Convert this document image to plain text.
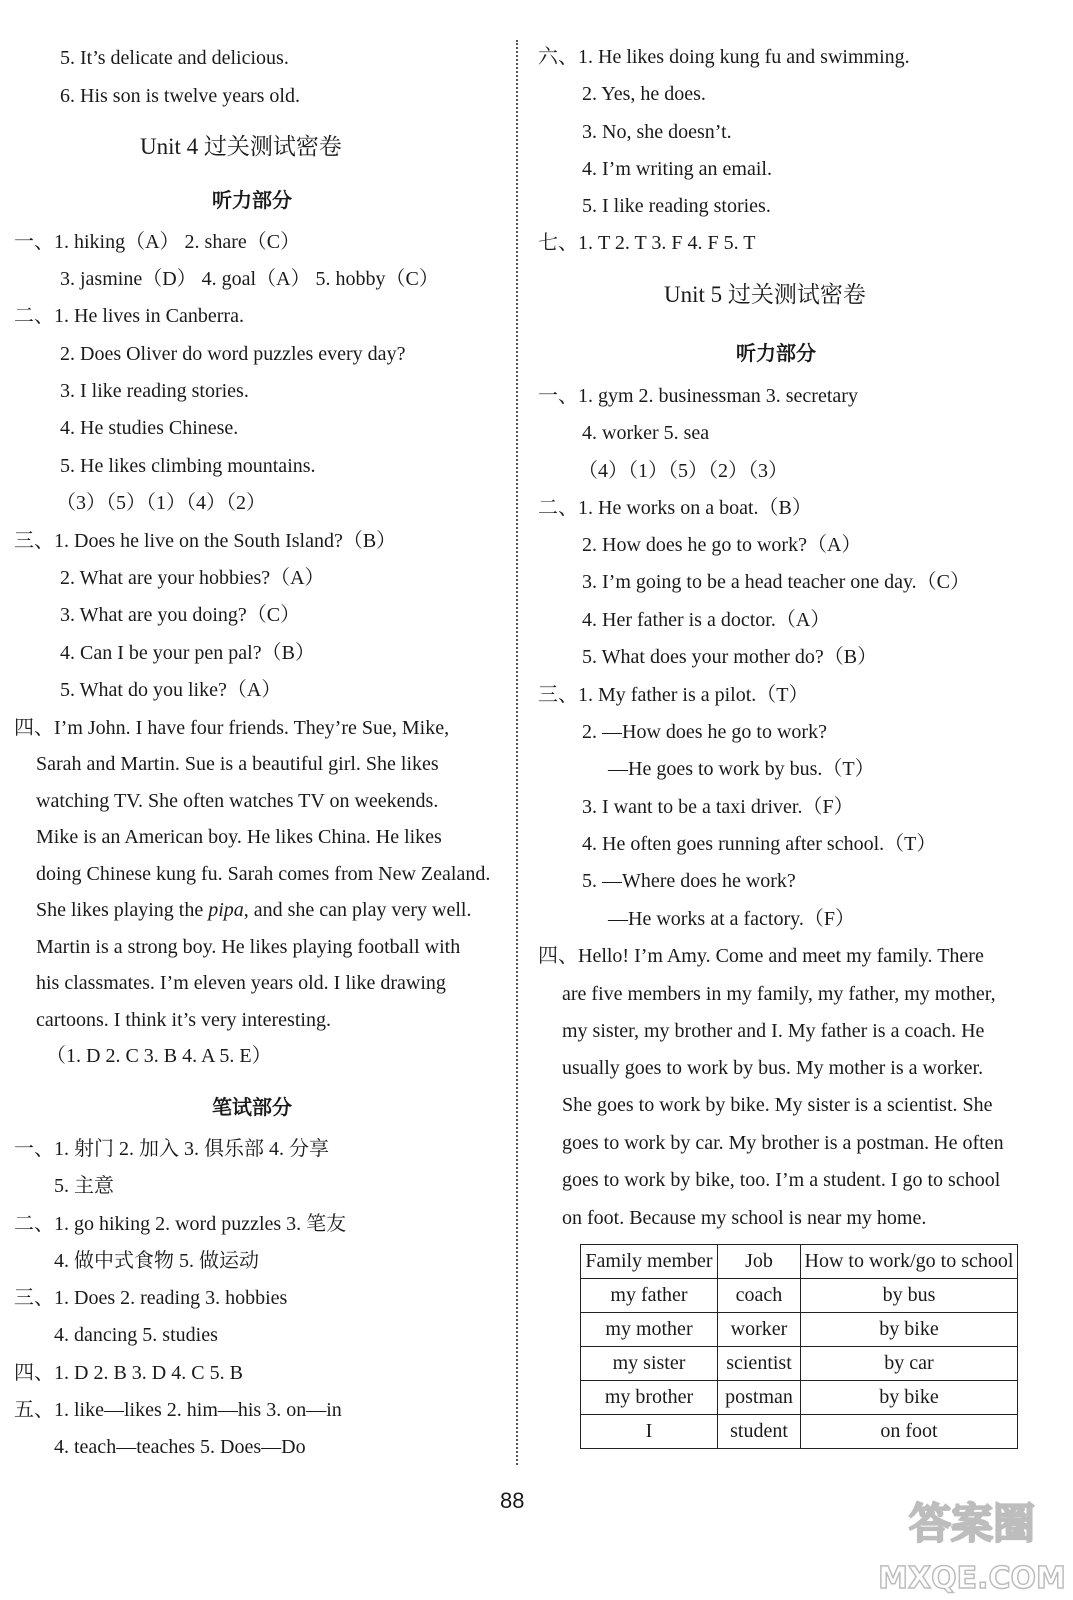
5. It’s delicate and delicious.
6. His son is twelve years old.
Unit 4 过关测试密卷
听力部分
一、1. hiking（A） 2. share（C）
3. jasmine（D） 4. goal（A） 5. hobby（C）
二、1. He lives in Canberra.
2. Does Oliver do word puzzles every day?
3. I like reading stories.
4. He studies Chinese.
5. He likes climbing mountains.
（3）（5）（1）（4）（2）
三、1. Does he live on the South Island?（B）
2. What are your hobbies?（A）
3. What are you doing?（C）
4. Can I be your pen pal?（B）
5. What do you like?（A）
四、I’m John. I have four friends. They’re Sue, Mike,
Sarah and Martin. Sue is a beautiful girl. She likes
watching TV. She often watches TV on weekends.
Mike is an American boy. He likes China. He likes
doing Chinese kung fu. Sarah comes from New Zealand.
She likes playing the pipa, and she can play very well.
Martin is a strong boy. He likes playing football with
his classmates. I’m eleven years old. I like drawing
cartoons. I think it’s very interesting.
（1. D 2. C 3. B 4. A 5. E）
笔试部分
一、1. 射门 2. 加入 3. 俱乐部 4. 分享
5. 主意
二、1. go hiking 2. word puzzles 3. 笔友
4. 做中式食物 5. 做运动
三、1. Does 2. reading 3. hobbies
4. dancing 5. studies
四、1. D 2. B 3. D 4. C 5. B
五、1. like—likes 2. him—his 3. on—in
4. teach—teaches 5. Does—Do
六、1. He likes doing kung fu and swimming.
2. Yes, he does.
3. No, she doesn’t.
4. I’m writing an email.
5. I like reading stories.
七、1. T 2. T 3. F 4. F 5. T
Unit 5 过关测试密卷
听力部分
一、1. gym 2. businessman 3. secretary
4. worker 5. sea
（4）（1）（5）（2）（3）
二、1. He works on a boat.（B）
2. How does he go to work?（A）
3. I’m going to be a head teacher one day.（C）
4. Her father is a doctor.（A）
5. What does your mother do?（B）
三、1. My father is a pilot.（T）
2. —How does he go to work?
—He goes to work by bus.（T）
3. I want to be a taxi driver.（F）
4. He often goes running after school.（T）
5. —Where does he work?
—He works at a factory.（F）
四、Hello! I’m Amy. Come and meet my family. There
are five members in my family, my father, my mother,
my sister, my brother and I. My father is a coach. He
usually goes to work by bus. My mother is a worker.
She goes to work by bike. My sister is a scientist. She
goes to work by car. My brother is a postman. He often
goes to work by bike, too. I’m a student. I go to school
on foot. Because my school is near my home.
Family member	Job	How to work/go to school
my father	coach	by bus
my mother	worker	by bike
my sister	scientist	by car
my brother	postman	by bike
I	student	on foot
88	答案圈
MXQE.COM
